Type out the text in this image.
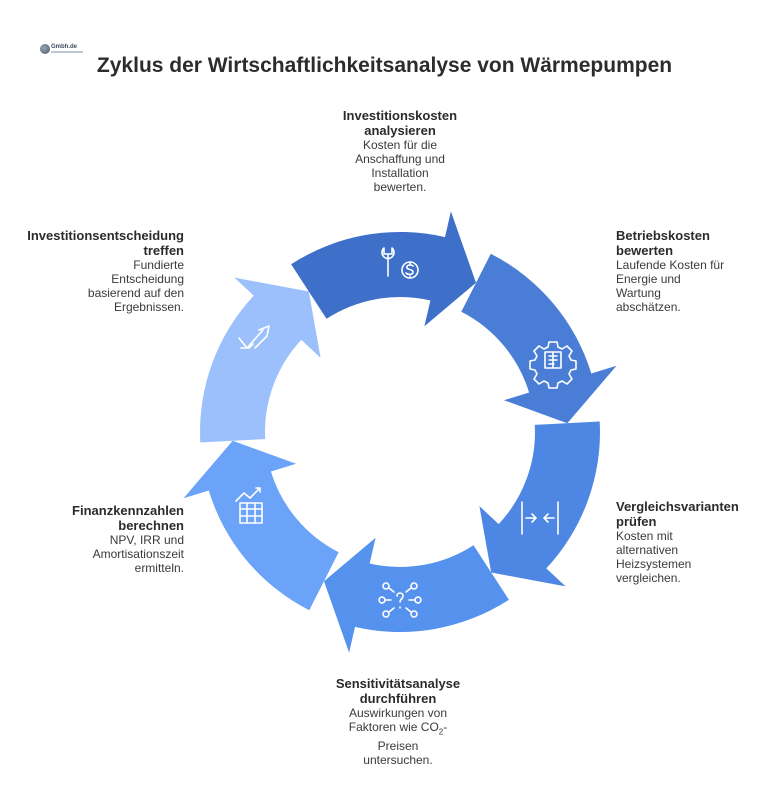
Gmbh.de
Zyklus der Wirtschaftlichkeitsanalyse von Wärmepumpen
Investitionskosten
analysieren
Kosten für die
Anschaffung und
Installation
bewerten.
Betriebskosten
bewerten
Laufende Kosten für
Energie und
Wartung
abschätzen.
Vergleichsvarianten
prüfen
Kosten mit
alternativen
Heizsystemen
vergleichen.
Sensitivitätsanalyse
durchführen
Auswirkungen von
Faktoren wie $CO_2-$
Preisen
untersuchen.
Finanzkennzahlen
berechnen
NPV, IRR und
Amortisationszeit
ermitteln.
Investitionsentscheidung
treffen
Fundierte
Entscheidung
basierend auf den
Ergebnissen.
